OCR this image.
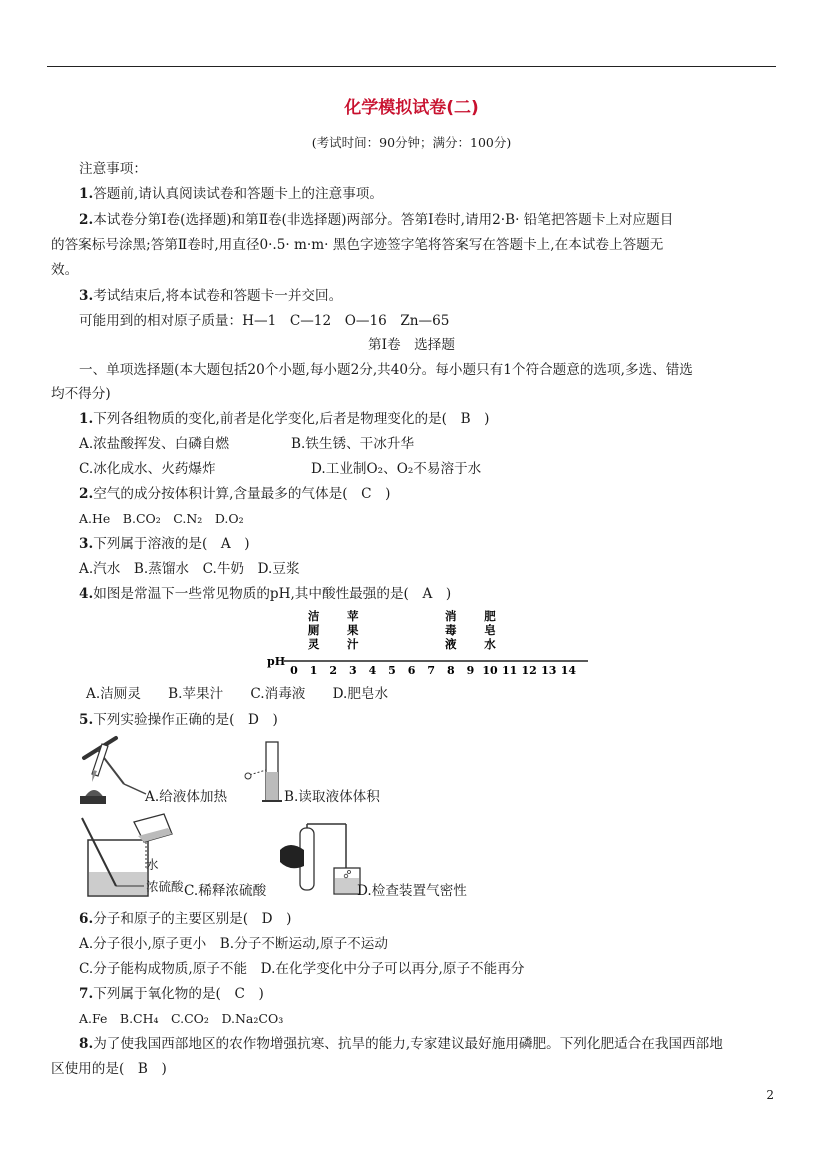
化学模拟试卷(二)
(考试时间：90分钟；满分：100分)
注意事项：
1.答题前,请认真阅读试卷和答题卡上的注意事项。
2.本试卷分第Ⅰ卷(选择题)和第Ⅱ卷(非选择题)两部分。答第Ⅰ卷时,请用2·B· 铅笔把答题卡上对应题目
的答案标号涂黑;答第Ⅱ卷时,用直径0·.5· m·m· 黑色字迹签字笔将答案写在答题卡上,在本试卷上答题无
效。
3.考试结束后,将本试卷和答题卡一并交回。
可能用到的相对原子质量：H—1　C—12　O—16　Zn—65
第Ⅰ卷　选择题
一、单项选择题(本大题包括20个小题,每小题2分,共40分。每小题只有1个符合题意的选项,多选、错选
均不得分)
1.下列各组物质的变化,前者是化学变化,后者是物理变化的是(　B　)
A.浓盐酸挥发、白磷自燃	B.铁生锈、干冰升华
C.冰化成水、火药爆炸	D.工业制O₂、O₂不易溶于水
2.空气的成分按体积计算,含量最多的气体是(　C　)
A.He　B.CO₂　C.N₂　D.O₂
3.下列属于溶液的是(　A　)
A.汽水　B.蒸馏水　C.牛奶　D.豆浆
4.如图是常温下一些常见物质的pH,其中酸性最强的是(　A　)
pH
0 1 2 3 4 5 6 7 8 9 10 11 12 13 14
洁
厕
灵
苹
果
汁
消
毒
液
肥
皂
水
A.洁厕灵　　B.苹果汁　　C.消毒液　　D.肥皂水
5.下列实验操作正确的是(　D　)
A.给液体加热	B.读取液体体积
水
浓硫酸 C.稀释浓硫酸	D.检查装置气密性
6.分子和原子的主要区别是(　D　)
A.分子很小,原子更小　B.分子不断运动,原子不运动
C.分子能构成物质,原子不能　D.在化学变化中分子可以再分,原子不能再分
7.下列属于氧化物的是(　C　)
A.Fe　B.CH₄　C.CO₂　D.Na₂CO₃
8.为了使我国西部地区的农作物增强抗寒、抗旱的能力,专家建议最好施用磷肥。下列化肥适合在我国西部地
区使用的是(　B　)
2
